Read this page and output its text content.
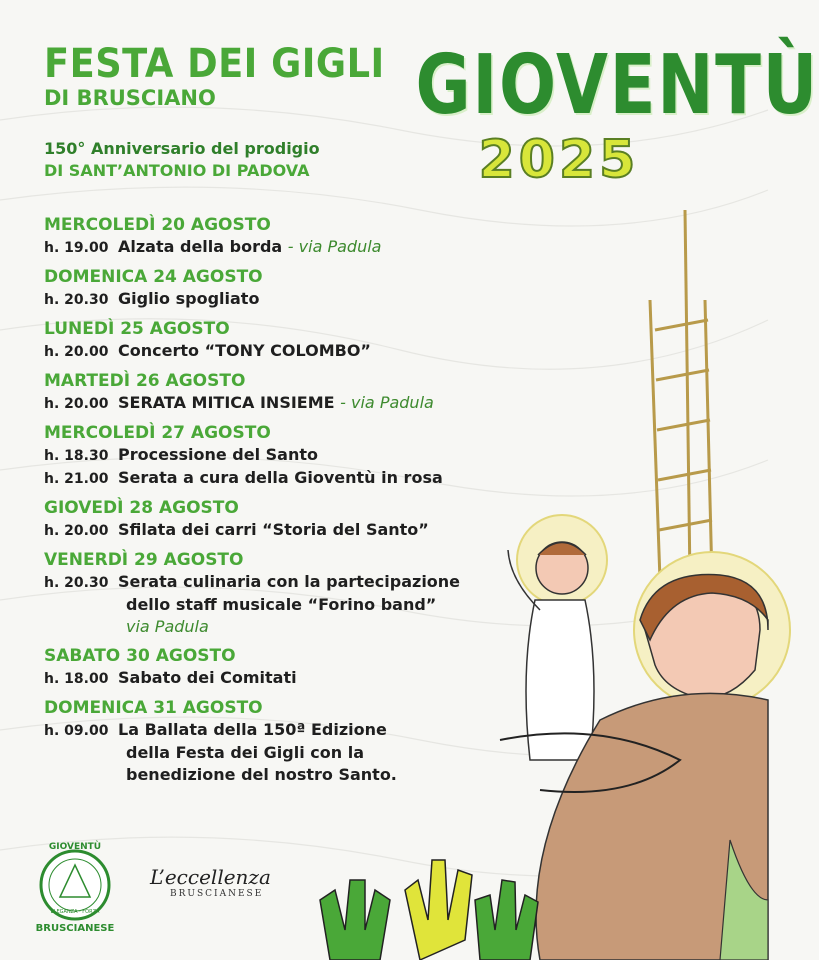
FESTA DEI GIGLI
DI BRUSCIANO
150° Anniversario del prodigio
DI SANT’ANTONIO DI PADOVA
GIOVENTÙ
2025
MERCOLEDÌ 20 AGOSTO
h. 19.00 Alzata della borda - via Padula
DOMENICA 24 AGOSTO
h. 20.30 Giglio spogliato
LUNEDÌ 25 AGOSTO
h. 20.00 Concerto “TONY COLOMBO”
MARTEDÌ 26 AGOSTO
h. 20.00 SERATA MITICA INSIEME - via Padula
MERCOLEDÌ 27 AGOSTO
h. 18.30 Processione del Santo
h. 21.00 Serata a cura della Gioventù in rosa
GIOVEDÌ 28 AGOSTO
h. 20.00 Sfilata dei carri “Storia del Santo”
VENERDÌ 29 AGOSTO
h. 20.30 Serata culinaria con la partecipazione
dello staff musicale “Forino band”
via Padula
SABATO 30 AGOSTO
h. 18.00 Sabato dei Comitati
DOMENICA 31 AGOSTO
h. 09.00 La Ballata della 150ª Edizione
della Festa dei Gigli con la
benedizione del nostro Santo.
GIOVENTÙ
ELEGANZA · FORZA
BRUSCIANESE
L’eccellenza
BRUSCIANESE
